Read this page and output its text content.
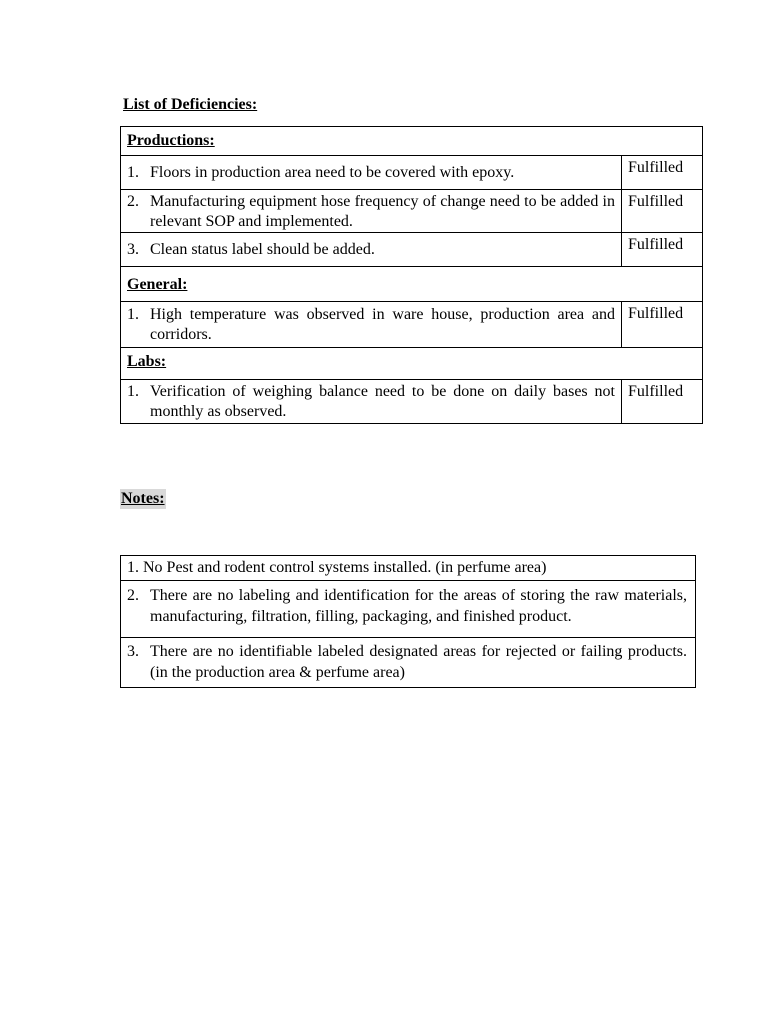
List of Deficiencies:
Productions:	

1. Floors in production area need to be covered with epoxy.	Fulfilled

2. Manufacturing equipment hose frequency of change need to be added in relevant SOP and implemented.	Fulfilled

3. Clean status label should be added.	Fulfilled
General:	

1. High temperature was observed in ware house, production area and corridors.	Fulfilled
Labs:	

1. Verification of weighing balance need to be done on daily bases not monthly as observed.	Fulfilled
Notes:
1. No Pest and rodent control systems installed. (in perfume area)

2. There are no labeling and identification for the areas of storing the raw materials, manufacturing, filtration, filling, packaging, and finished product.

3. There are no identifiable labeled designated areas for rejected or failing products. (in the production area & perfume area)
